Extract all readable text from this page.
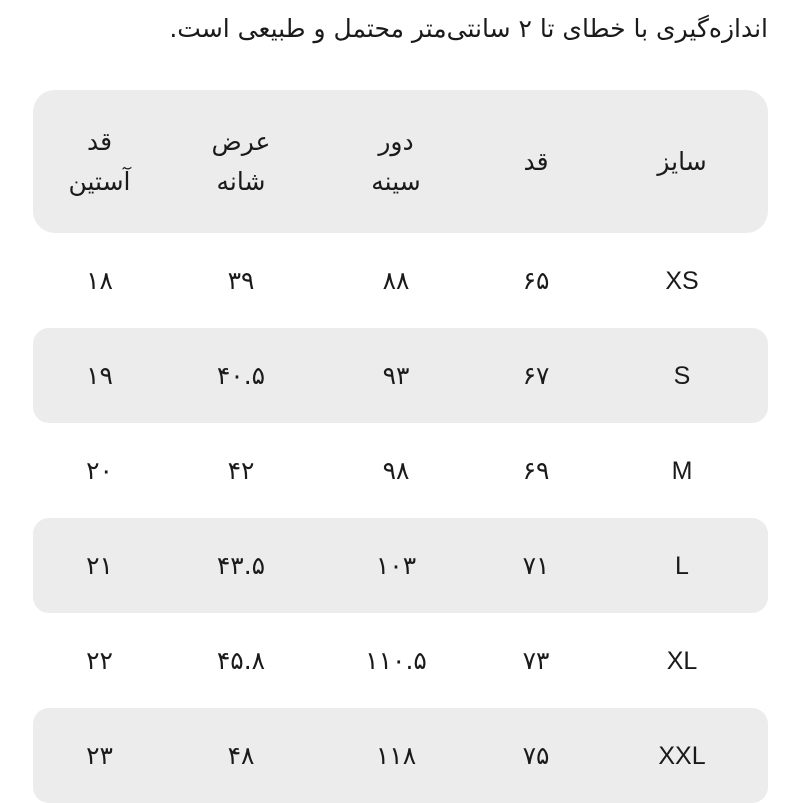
اندازه‌گیری با خطای تا ۲ سانتی‌متر محتمل و طبیعی است.
سایز
قد
دور
سینه
عرض
شانه
قد
آستین
XS
۶۵
۸۸
۳۹
۱۸
S
۶۷
۹۳
۴۰.۵
۱۹
M
۶۹
۹۸
۴۲
۲۰
L
۷۱
۱۰۳
۴۳.۵
۲۱
XL
۷۳
۱۱۰.۵
۴۵.۸
۲۲
XXL
۷۵
۱۱۸
۴۸
۲۳
